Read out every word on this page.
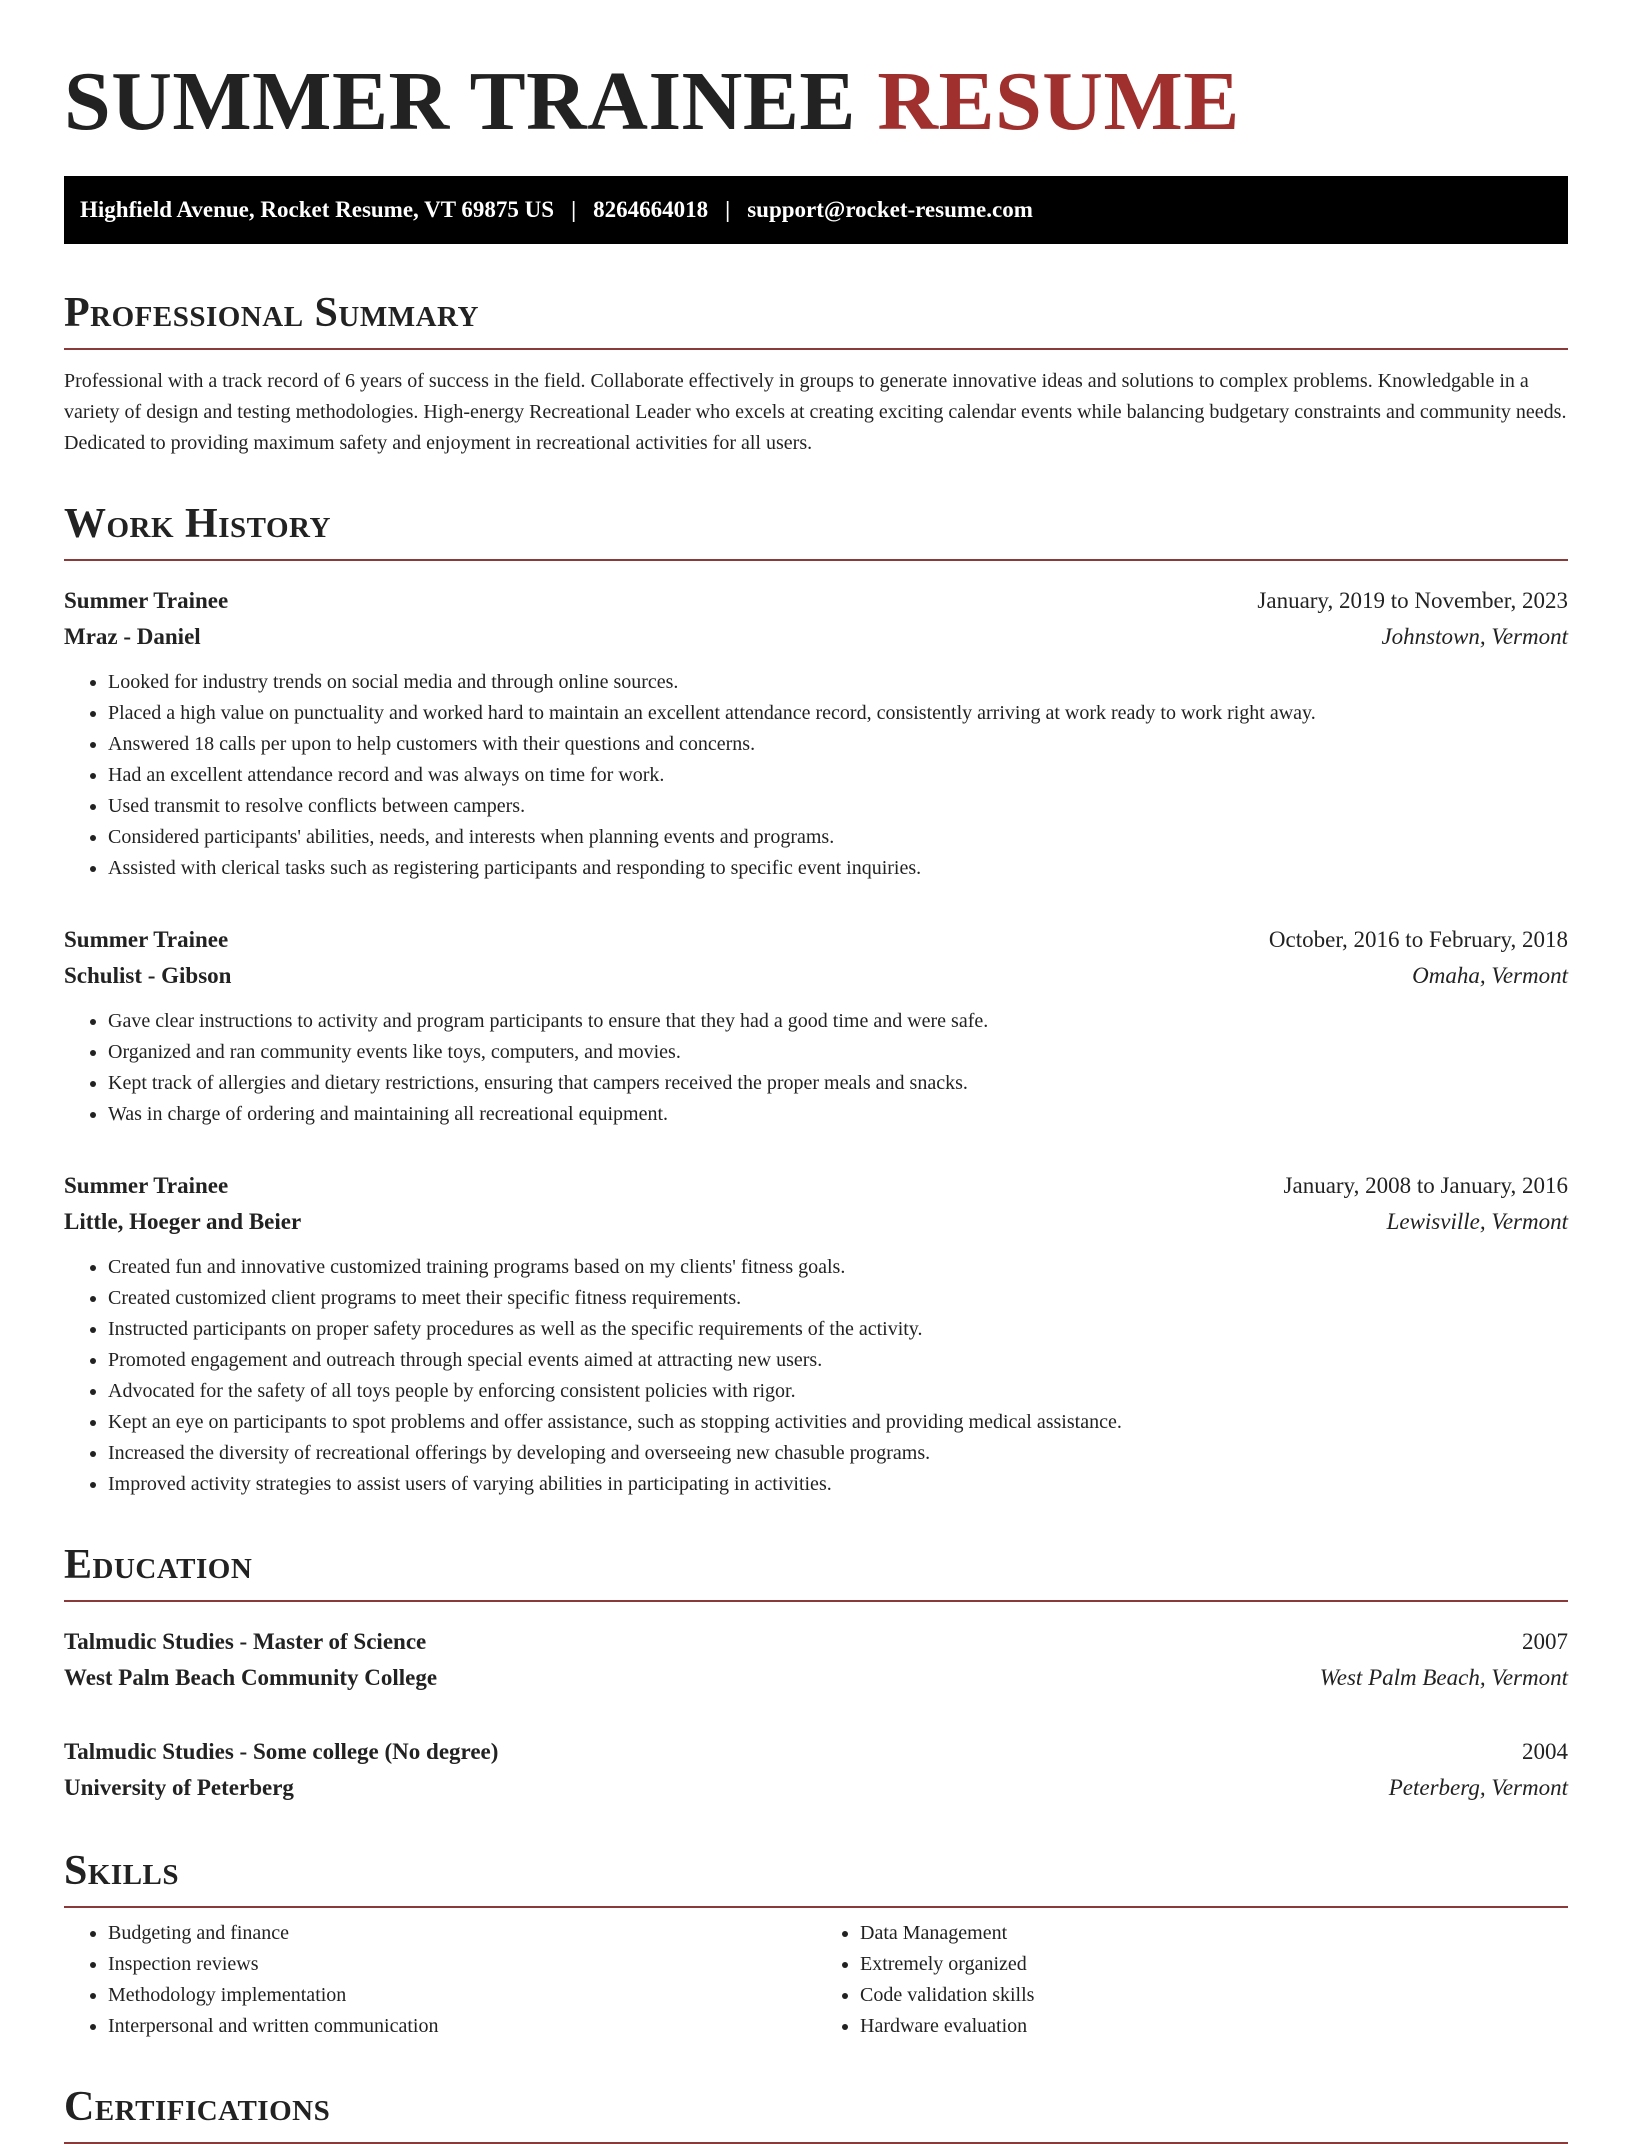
SUMMER TRAINEE RESUME
Highfield Avenue, Rocket Resume, VT 69875 US | 8264664018 | support@rocket-resume.com
Professional Summary

Professional with a track record of 6 years of success in the field. Collaborate effectively in groups to generate innovative ideas and solutions to complex problems. Knowledgable in a variety of design and testing methodologies. High-energy Recreational Leader who excels at creating exciting calendar events while balancing budgetary constraints and community needs. Dedicated to providing maximum safety and enjoyment in recreational activities for all users.

Work History
Summer Trainee	January, 2019 to November, 2023
Mraz - Daniel	Johnstown, Vermont
• Looked for industry trends on social media and through online sources.
• Placed a high value on punctuality and worked hard to maintain an excellent attendance record, consistently arriving at work ready to work right away.
• Answered 18 calls per upon to help customers with their questions and concerns.
• Had an excellent attendance record and was always on time for work.
• Used transmit to resolve conflicts between campers.
• Considered participants' abilities, needs, and interests when planning events and programs.
• Assisted with clerical tasks such as registering participants and responding to specific event inquiries.
Summer Trainee	October, 2016 to February, 2018
Schulist - Gibson	Omaha, Vermont
• Gave clear instructions to activity and program participants to ensure that they had a good time and were safe.
• Organized and ran community events like toys, computers, and movies.
• Kept track of allergies and dietary restrictions, ensuring that campers received the proper meals and snacks.
• Was in charge of ordering and maintaining all recreational equipment.
Summer Trainee	January, 2008 to January, 2016
Little, Hoeger and Beier	Lewisville, Vermont
• Created fun and innovative customized training programs based on my clients' fitness goals.
• Created customized client programs to meet their specific fitness requirements.
• Instructed participants on proper safety procedures as well as the specific requirements of the activity.
• Promoted engagement and outreach through special events aimed at attracting new users.
• Advocated for the safety of all toys people by enforcing consistent policies with rigor.
• Kept an eye on participants to spot problems and offer assistance, such as stopping activities and providing medical assistance.
• Increased the diversity of recreational offerings by developing and overseeing new chasuble programs.
• Improved activity strategies to assist users of varying abilities in participating in activities.
Education
Talmudic Studies - Master of Science	2007
West Palm Beach Community College	West Palm Beach, Vermont
Talmudic Studies - Some college (No degree)	2004
University of Peterberg	Peterberg, Vermont
Skills
• Budgeting and finance
• Inspection reviews
• Methodology implementation
• Interpersonal and written communication
• Data Management
• Extremely organized
• Code validation skills
• Hardware evaluation
Certifications
